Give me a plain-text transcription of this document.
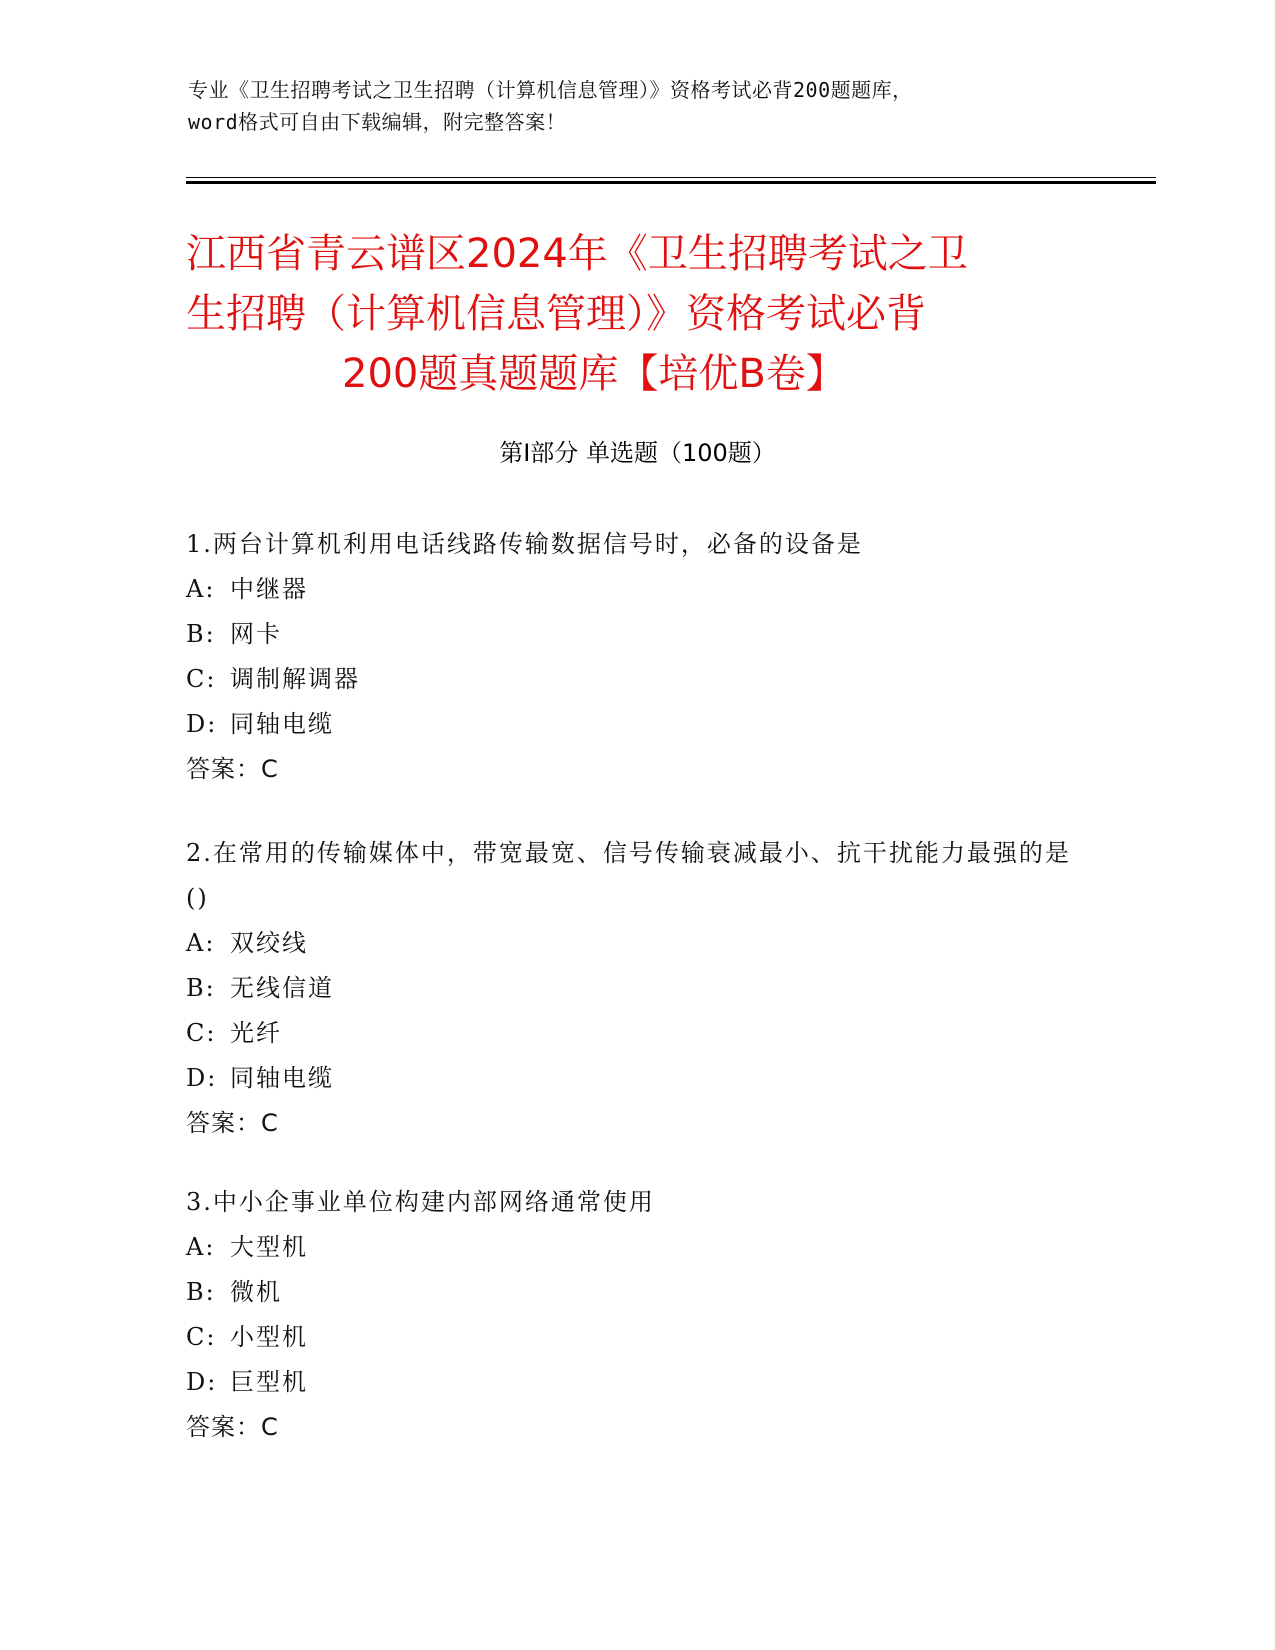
专业《卫生招聘考试之卫生招聘（计算机信息管理）》资格考试必背200题题库，
word格式可自由下载编辑，附完整答案！
江西省青云谱区2024年《卫生招聘考试之卫
生招聘（计算机信息管理）》资格考试必背
200题真题题库【培优B卷】
第Ⅰ部分 单选题（100题）
1.两台计算机利用电话线路传输数据信号时，必备的设备是
A: 中继器
B: 网卡
C: 调制解调器
D: 同轴电缆
答案：C
2.在常用的传输媒体中，带宽最宽、信号传输衰减最小、抗干扰能力最强的是()
A: 双绞线
B: 无线信道
C: 光纤
D: 同轴电缆
答案：C
3.中小企事业单位构建内部网络通常使用
A: 大型机
B: 微机
C: 小型机
D: 巨型机
答案：C
